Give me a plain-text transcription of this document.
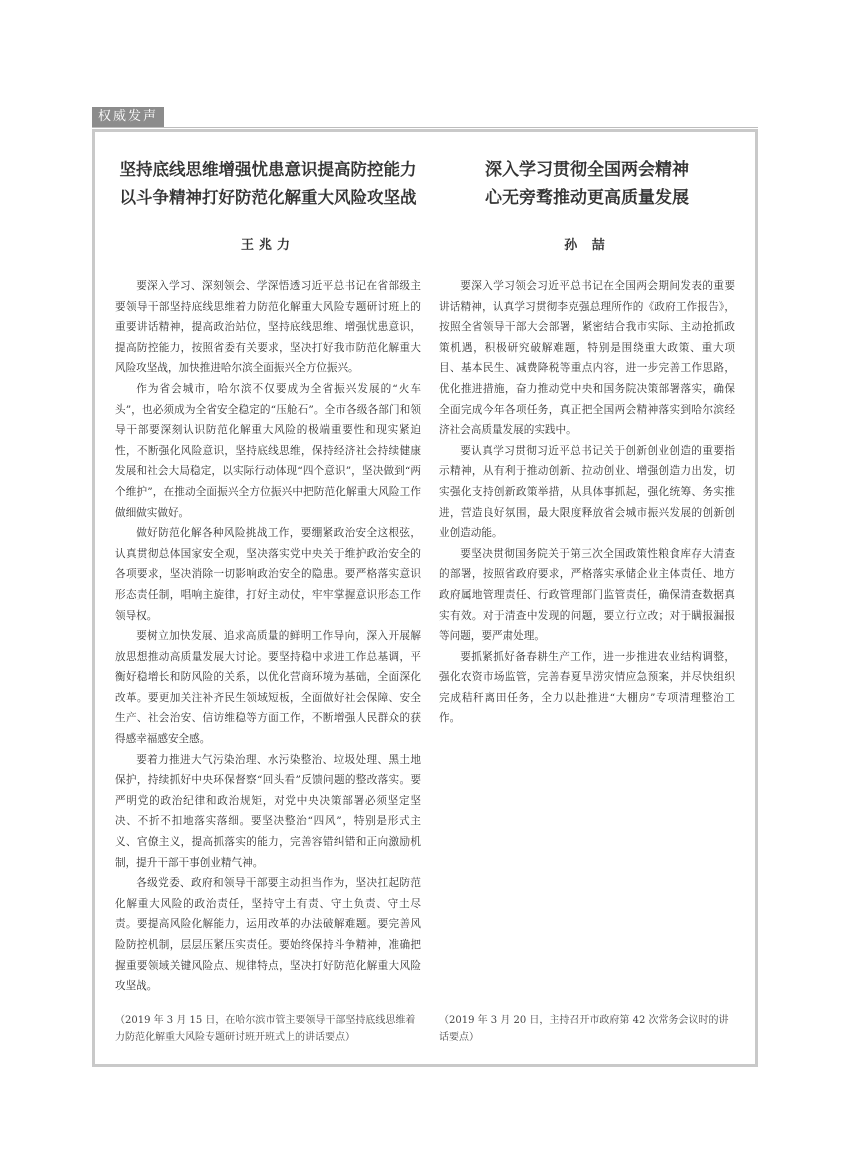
权威发声

坚持底线思维增强忧患意识提高防控能力

以斗争精神打好防范化解重大风险攻坚战

王兆力

要深入学习、深刻领会、学深悟透习近平总书记在省部级主要领导干部坚持底线思维着力防范化解重大风险专题研讨班上的重要讲话精神，提高政治站位，坚持底线思维、增强忧患意识，提高防控能力，按照省委有关要求，坚决打好我市防范化解重大风险攻坚战，加快推进哈尔滨全面振兴全方位振兴。

作为省会城市，哈尔滨不仅要成为全省振兴发展的“火车头”，也必须成为全省安全稳定的“压舱石”。全市各级各部门和领导干部要深刻认识防范化解重大风险的极端重要性和现实紧迫性，不断强化风险意识，坚持底线思维，保持经济社会持续健康发展和社会大局稳定，以实际行动体现“四个意识”，坚决做到“两个维护”，在推动全面振兴全方位振兴中把防范化解重大风险工作做细做实做好。

做好防范化解各种风险挑战工作，要绷紧政治安全这根弦，认真贯彻总体国家安全观，坚决落实党中央关于维护政治安全的各项要求，坚决消除一切影响政治安全的隐患。要严格落实意识形态责任制，唱响主旋律，打好主动仗，牢牢掌握意识形态工作领导权。

要树立加快发展、追求高质量的鲜明工作导向，深入开展解放思想推动高质量发展大讨论。要坚持稳中求进工作总基调，平衡好稳增长和防风险的关系，以优化营商环境为基础，全面深化改革。要更加关注补齐民生领域短板，全面做好社会保障、安全生产、社会治安、信访维稳等方面工作，不断增强人民群众的获得感幸福感安全感。

要着力推进大气污染治理、水污染整治、垃圾处理、黑土地保护，持续抓好中央环保督察“回头看”反馈问题的整改落实。要严明党的政治纪律和政治规矩，对党中央决策部署必须坚定坚决、不折不扣地落实落细。要坚决整治“四风”，特别是形式主义、官僚主义，提高抓落实的能力，完善容错纠错和正向激励机制，提升干部干事创业精气神。

各级党委、政府和领导干部要主动担当作为，坚决扛起防范化解重大风险的政治责任，坚持守土有责、守土负责、守土尽责。要提高风险化解能力，运用改革的办法破解难题。要完善风险防控机制，层层压紧压实责任。要始终保持斗争精神，准确把握重要领域关键风险点、规律特点，坚决打好防范化解重大风险攻坚战。

（2019 年 3 月 15 日，在哈尔滨市管主要领导干部坚持底线思维着力防范化解重大风险专题研讨班开班式上的讲话要点）

深入学习贯彻全国两会精神

心无旁骛推动更高质量发展

孙 喆

要深入学习领会习近平总书记在全国两会期间发表的重要讲话精神，认真学习贯彻李克强总理所作的《政府工作报告》，按照全省领导干部大会部署，紧密结合我市实际、主动抢抓政策机遇，积极研究破解难题，特别是围绕重大政策、重大项目、基本民生、减费降税等重点内容，进一步完善工作思路，优化推进措施，奋力推动党中央和国务院决策部署落实，确保全面完成今年各项任务，真正把全国两会精神落实到哈尔滨经济社会高质量发展的实践中。

要认真学习贯彻习近平总书记关于创新创业创造的重要指示精神，从有利于推动创新、拉动创业、增强创造力出发，切实强化支持创新政策举措，从具体事抓起，强化统筹、务实推进，营造良好氛围，最大限度释放省会城市振兴发展的创新创业创造动能。

要坚决贯彻国务院关于第三次全国政策性粮食库存大清查的部署，按照省政府要求，严格落实承储企业主体责任、地方政府属地管理责任、行政管理部门监管责任，确保清查数据真实有效。对于清查中发现的问题，要立行立改；对于瞒报漏报等问题，要严肃处理。

要抓紧抓好备春耕生产工作，进一步推进农业结构调整，强化农资市场监管，完善春夏旱涝灾情应急预案，并尽快组织完成秸秆离田任务，全力以赴推进“大棚房”专项清理整治工作。

（2019 年 3 月 20 日，主持召开市政府第 42 次常务会议时的讲话要点）
